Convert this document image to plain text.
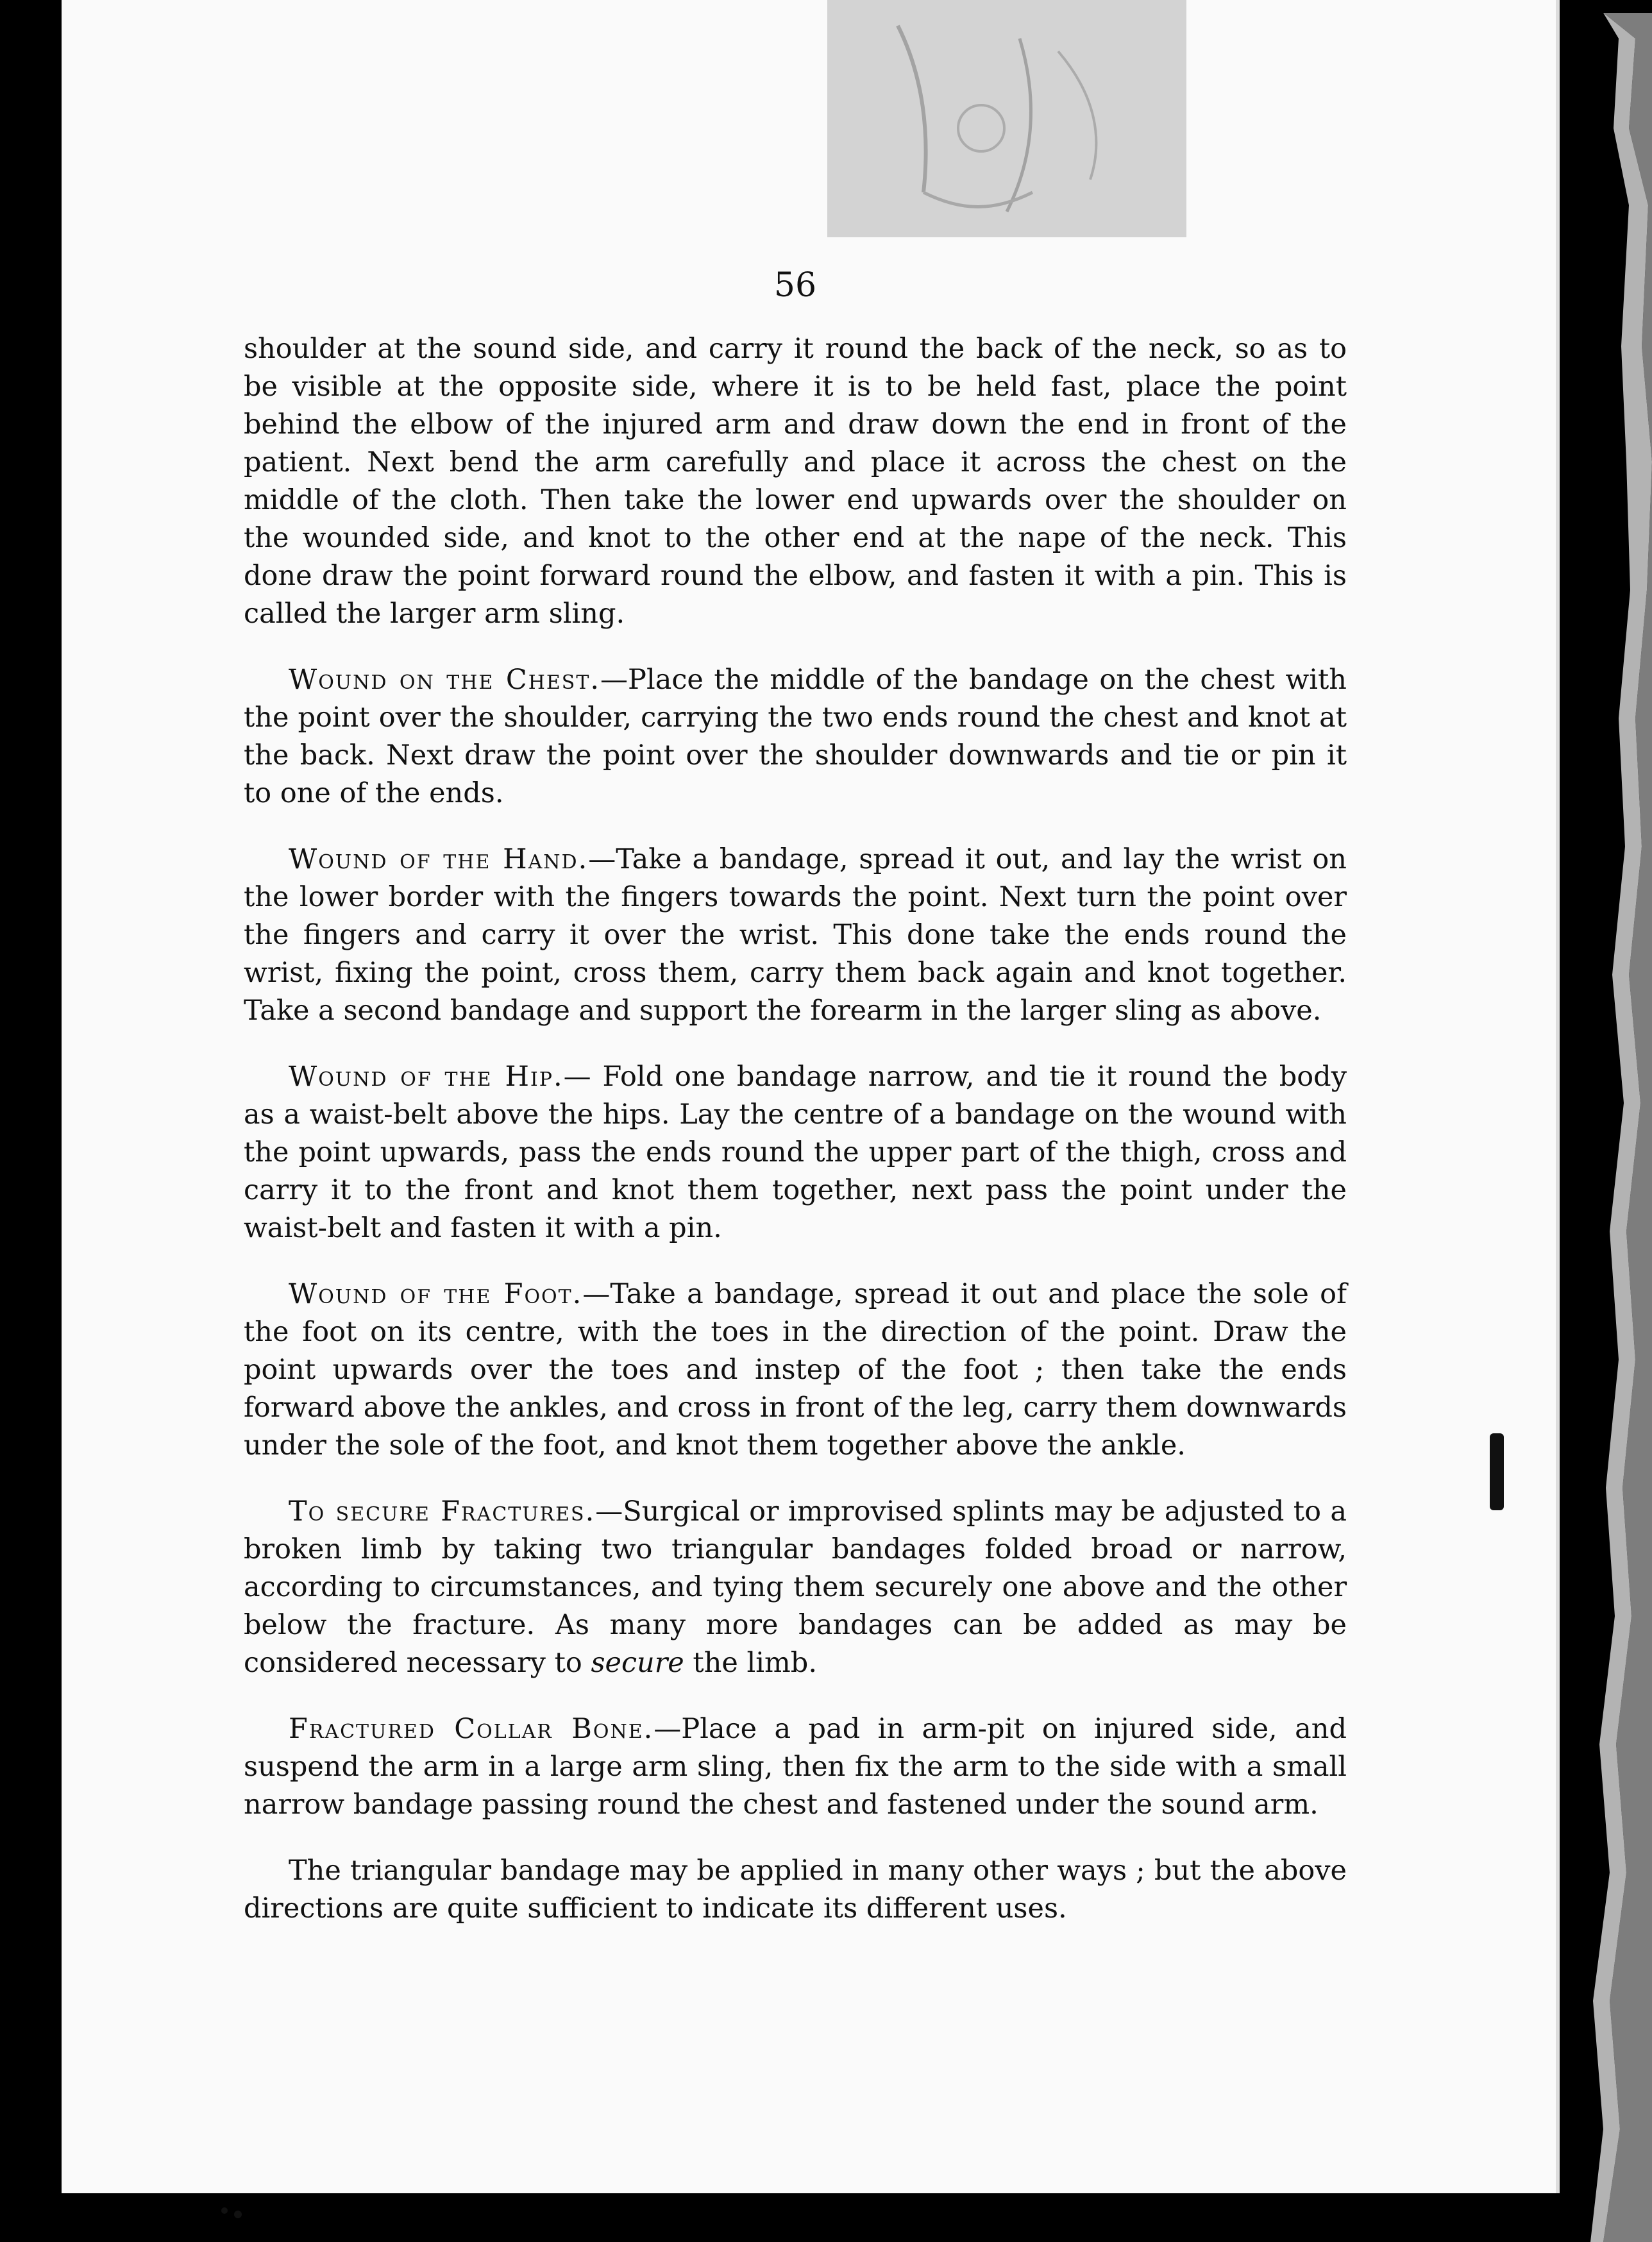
56

shoulder at the sound side, and carry it round the back of the neck, so as to be visible at the opposite side, where it is to be held fast, place the point behind the elbow of the injured arm and draw down the end in front of the patient. Next bend the arm carefully and place it across the chest on the middle of the cloth. Then take the lower end upwards over the shoulder on the wounded side, and knot to the other end at the nape of the neck. This done draw the point forward round the elbow, and fasten it with a pin. This is called the larger arm sling.

Wound on the Chest.—Place the middle of the bandage on the chest with the point over the shoulder, carrying the two ends round the chest and knot at the back. Next draw the point over the shoulder downwards and tie or pin it to one of the ends.

Wound of the Hand.—Take a bandage, spread it out, and lay the wrist on the lower border with the fingers towards the point. Next turn the point over the fingers and carry it over the wrist. This done take the ends round the wrist, fixing the point, cross them, carry them back again and knot together. Take a second bandage and support the forearm in the larger sling as above.

Wound of the Hip.— Fold one bandage narrow, and tie it round the body as a waist-belt above the hips. Lay the centre of a bandage on the wound with the point upwards, pass the ends round the upper part of the thigh, cross and carry it to the front and knot them together, next pass the point under the waist-belt and fasten it with a pin.

Wound of the Foot.—Take a bandage, spread it out and place the sole of the foot on its centre, with the toes in the direction of the point. Draw the point upwards over the toes and instep of the foot ; then take the ends forward above the ankles, and cross in front of the leg, carry them downwards under the sole of the foot, and knot them together above the ankle.

To secure Fractures.—Surgical or improvised splints may be adjusted to a broken limb by taking two triangular bandages folded broad or narrow, according to circumstances, and tying them securely one above and the other below the fracture. As many more bandages can be added as may be considered necessary to secure the limb.

Fractured Collar Bone.—Place a pad in arm-pit on injured side, and suspend the arm in a large arm sling, then fix the arm to the side with a small narrow bandage passing round the chest and fastened under the sound arm.

The triangular bandage may be applied in many other ways ; but the above directions are quite sufficient to indicate its different uses.
